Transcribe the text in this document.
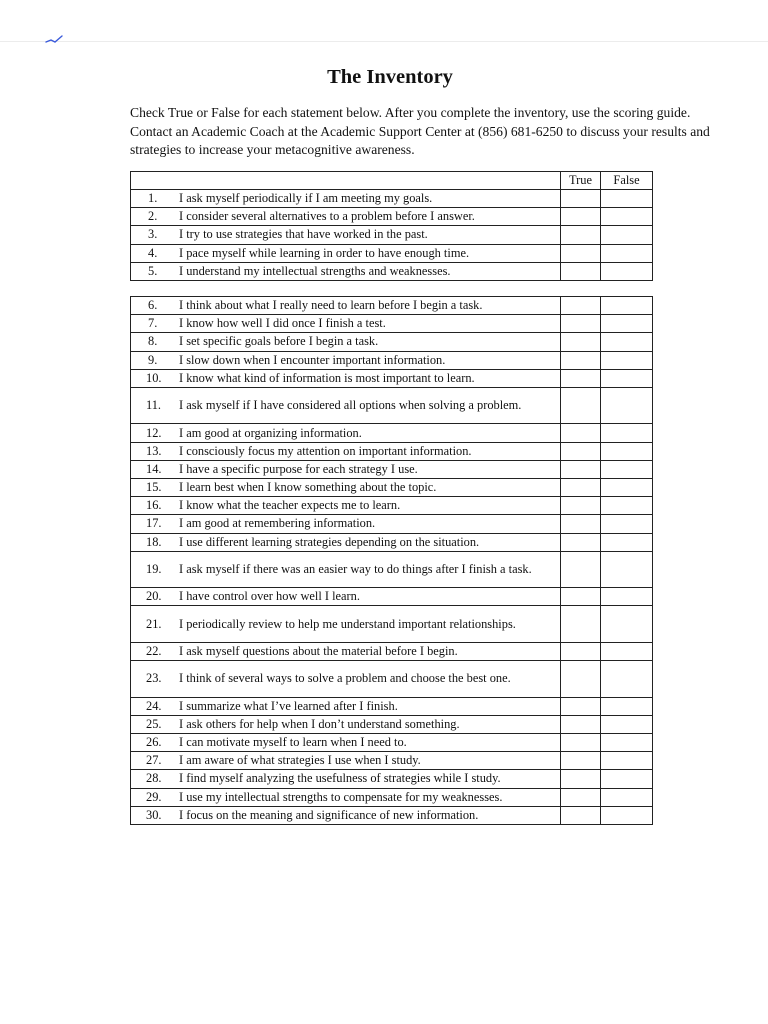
The Inventory
Check True or False for each statement below. After you complete the inventory, use the scoring guide. Contact an Academic Coach at the Academic Support Center at (856) 681-6250 to discuss your results and strategies to increase your metacognitive awareness.
	True	False

1. I ask myself periodically if I am meeting my goals.		

2. I consider several alternatives to a problem before I answer.		

3. I try to use strategies that have worked in the past.		

4. I pace myself while learning in order to have enough time.		

5. I understand my intellectual strengths and weaknesses.		

6. I think about what I really need to learn before I begin a task.		

7. I know how well I did once I finish a test.		

8. I set specific goals before I begin a task.		

9. I slow down when I encounter important information.		

10. I know what kind of information is most important to learn.		

11. I ask myself if I have considered all options when solving a problem.		

12. I am good at organizing information.		

13. I consciously focus my attention on important information.		

14. I have a specific purpose for each strategy I use.		

15. I learn best when I know something about the topic.		

16. I know what the teacher expects me to learn.		

17. I am good at remembering information.		

18. I use different learning strategies depending on the situation.		

19. I ask myself if there was an easier way to do things after I finish a task.		

20. I have control over how well I learn.		

21. I periodically review to help me understand important relationships.		

22. I ask myself questions about the material before I begin.		

23. I think of several ways to solve a problem and choose the best one.		

24. I summarize what I’ve learned after I finish.		

25. I ask others for help when I don’t understand something.		

26. I can motivate myself to learn when I need to.		

27. I am aware of what strategies I use when I study.		

28. I find myself analyzing the usefulness of strategies while I study.		

29. I use my intellectual strengths to compensate for my weaknesses.		

30. I focus on the meaning and significance of new information.		
